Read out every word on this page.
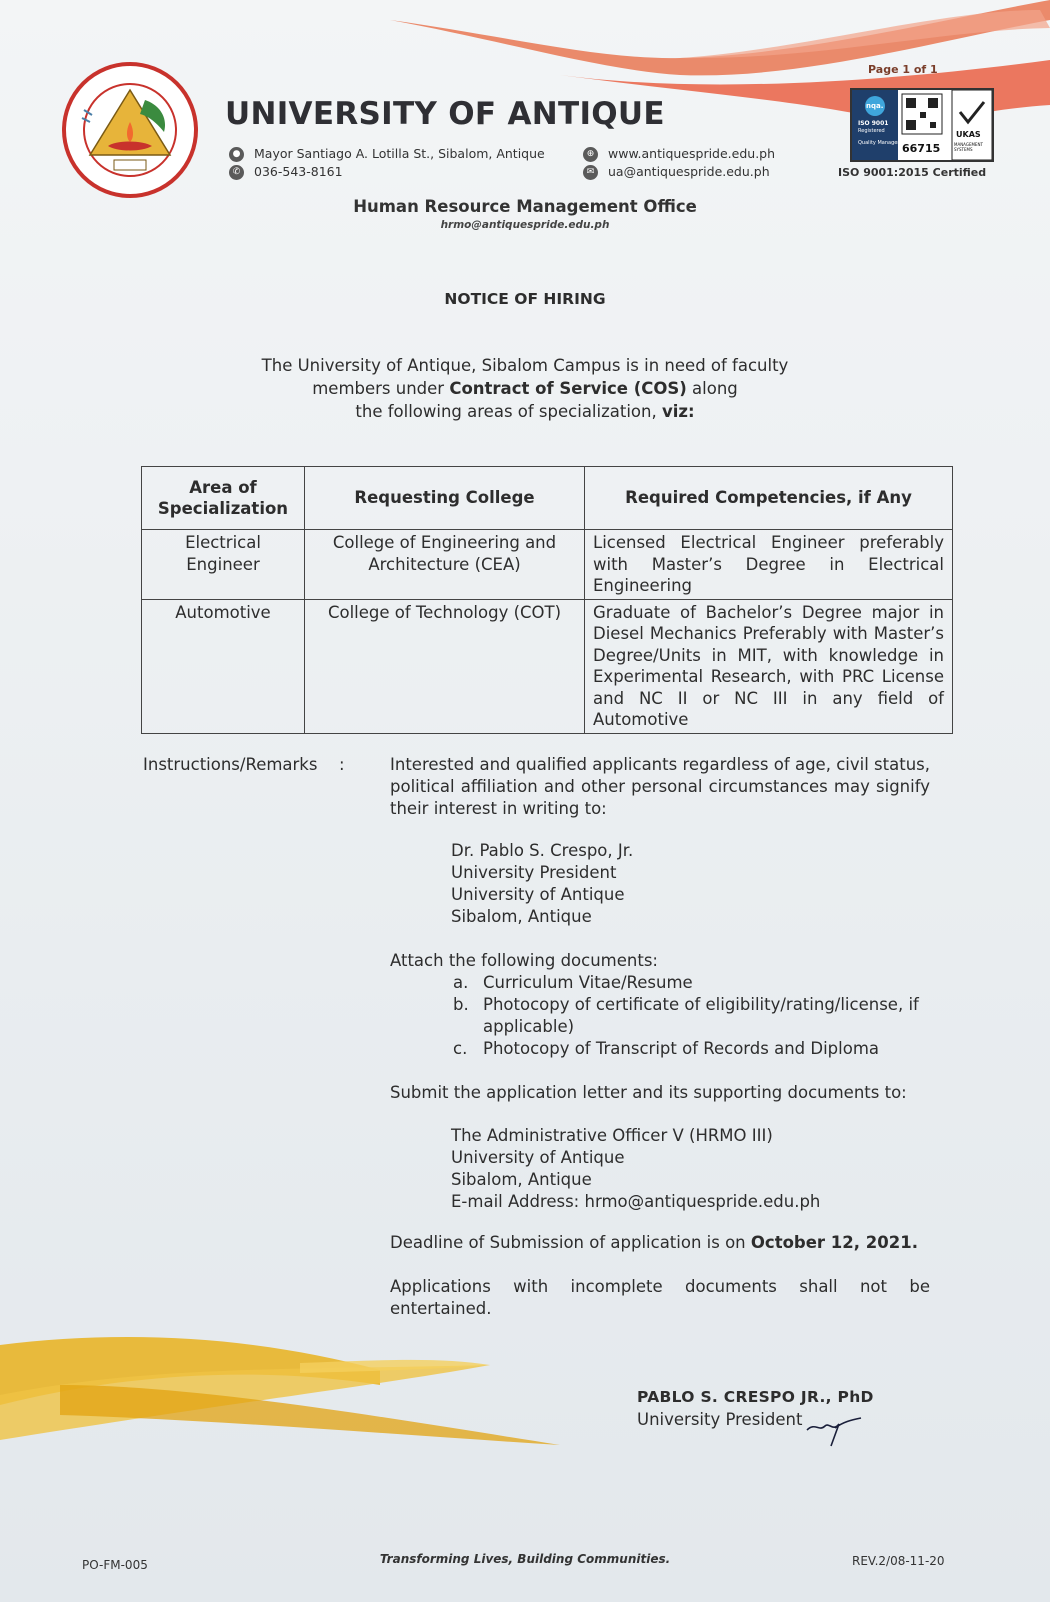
UNIVERSITY OF ANTIQUE
● Mayor Santiago A. Lotilla St., Sibalom, Antique
✆ 036-543-8161
⊕ www.antiquespride.edu.ph
✉ ua@antiquespride.edu.ph
Page 1 of 1
nqa.
ISO 9001
Registered
Quality Management
66715
UKAS
MANAGEMENT SYSTEMS
ISO 9001:2015 Certified
Human Resource Management Office
hrmo@antiquespride.edu.ph
NOTICE OF HIRING
The University of Antique, Sibalom Campus is in need of faculty
members under Contract of Service (COS) along
the following areas of specialization, viz:
Area of Specialization	Requesting College	Required Competencies, if Any
Electrical Engineer	College of Engineering and Architecture (CEA)	Licensed Electrical Engineer preferably with Master’s Degree in Electrical Engineering
Automotive	College of Technology (COT)	Graduate of Bachelor’s Degree major in Diesel Mechanics Preferably with Master’s Degree/Units in MIT, with knowledge in Experimental Research, with PRC License and NC II or NC III in any field of Automotive
Instructions/Remarks :	Interested and qualified applicants regardless of age, civil status, political affiliation and other personal circumstances may signify their interest in writing to:
Dr. Pablo S. Crespo, Jr.
University President
University of Antique
Sibalom, Antique
Attach the following documents:
a. Curriculum Vitae/Resume
b. Photocopy of certificate of eligibility/rating/license, if applicable)
c. Photocopy of Transcript of Records and Diploma
Submit the application letter and its supporting documents to:
The Administrative Officer V (HRMO III)
University of Antique
Sibalom, Antique
E-mail Address: hrmo@antiquespride.edu.ph
Deadline of Submission of application is on October 12, 2021.
Applications with incomplete documents shall not be entertained.
PABLO S. CRESPO JR., PhD
University President
PO-FM-005	Transforming Lives, Building Communities.	REV.2/08-11-20
